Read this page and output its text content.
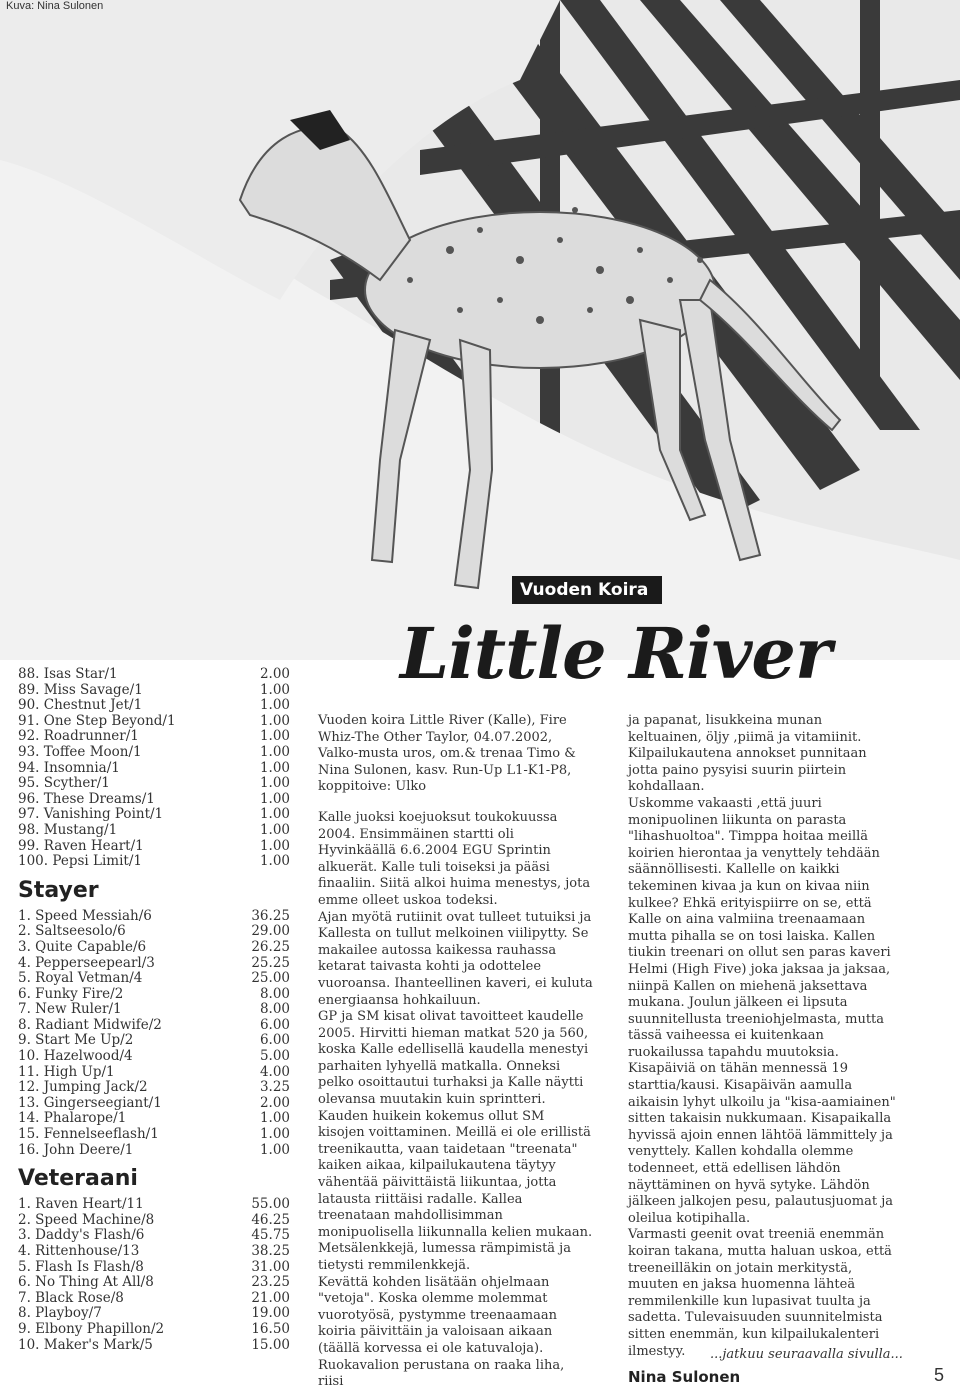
Kuva: Nina Sulonen
Vuoden Koira
Little River
88. Isas Star/1	2.00
89. Miss Savage/1	1.00
90. Chestnut Jet/1	1.00
91. One Step Beyond/1	1.00
92. Roadrunner/1	1.00
93. Toffee Moon/1	1.00
94. Insomnia/1	1.00
95. Scyther/1	1.00
96. These Dreams/1	1.00
97. Vanishing Point/1	1.00
98. Mustang/1	1.00
99. Raven Heart/1	1.00
100. Pepsi Limit/1	1.00
Stayer
1. Speed Messiah/6	36.25
2. Saltseesolo/6	29.00
3. Quite Capable/6	26.25
4. Pepperseepearl/3	25.25
5. Royal Vetman/4	25.00
6. Funky Fire/2	8.00
7. New Ruler/1	8.00
8. Radiant Midwife/2	6.00
9. Start Me Up/2	6.00
10. Hazelwood/4	5.00
11. High Up/1	4.00
12. Jumping Jack/2	3.25
13. Gingerseegiant/1	2.00
14. Phalarope/1	1.00
15. Fennelseeflash/1	1.00
16. John Deere/1	1.00
Veteraani
1. Raven Heart/11	55.00
2. Speed Machine/8	46.25
3. Daddy's Flash/6	45.75
4. Rittenhouse/13	38.25
5. Flash Is Flash/8	31.00
6. No Thing At All/8	23.25
7. Black Rose/8	21.00
8. Playboy/7	19.00
9. Elbony Phapillon/2	16.50
10. Maker's Mark/5	15.00

Vuoden koira Little River (Kalle), Fire Whiz-The Other Taylor, 04.07.2002, Valko-musta uros, om.& trenaa Timo & Nina Sulonen, kasv. Run-Up L1-K1-P8, koppitoive: Ulko

Kalle juoksi koejuoksut toukokuussa 2004. Ensimmäinen startti oli Hyvinkäällä 6.6.2004 EGU Sprintin alkuerät. Kalle tuli toiseksi ja pääsi finaaliin. Siitä alkoi huima menestys, jota emme olleet uskoa todeksi.

Ajan myötä rutiinit ovat tulleet tutuiksi ja Kallesta on tullut melkoinen viilipytty. Se makailee autossa kaikessa rauhassa ketarat taivasta kohti ja odottelee vuoroansa. Ihanteellinen kaveri, ei kuluta energiaansa hohkailuun.

GP ja SM kisat olivat tavoitteet kaudelle 2005. Hirvitti hieman matkat 520 ja 560, koska Kalle edellisellä kaudella menestyi parhaiten lyhyellä matkalla. Onneksi pelko osoittautui turhaksi ja Kalle näytti olevansa muutakin kuin sprintteri. Kauden huikein kokemus ollut SM kisojen voittaminen. Meillä ei ole erillistä treenikautta, vaan taidetaan "treenata" kaiken aikaa, kilpailukautena täytyy vähentää päivittäistä liikuntaa, jotta latausta riittäisi radalle. Kallea treenataan mahdollisimman monipuolisella liikunnalla kelien mukaan. Metsälenkkejä, lumessa rämpimistä ja tietysti remmilenkkejä.

Kevättä kohden lisätään ohjelmaan "vetoja". Koska olemme molemmat vuorotyösä, pystymme treenaamaan koiria päivittäin ja valoisaan aikaan (täällä korvessa ei ole katuvaloja).

Ruokavalion perustana on raaka liha, riisi

ja papanat, lisukkeina munan keltuainen, öljy ,piimä ja vitamiinit. Kilpailukautena annokset punnitaan jotta paino pysyisi suurin piirtein kohdallaan.

Uskomme vakaasti ,että juuri monipuolinen liikunta on parasta "lihashuoltoa". Timppa hoitaa meillä koirien hierontaa ja venyttely tehdään säännöllisesti. Kallelle on kaikki tekeminen kivaa ja kun on kivaa niin kulkee? Ehkä erityispiirre on se, että Kalle on aina valmiina treenaamaan mutta pihalla se on tosi laiska. Kallen tiukin treenari on ollut sen paras kaveri Helmi (High Five) joka jaksaa ja jaksaa, niinpä Kallen on miehenä jaksettava mukana. Joulun jälkeen ei lipsuta suunnitellusta treeniohjelmasta, mutta tässä vaiheessa ei kuitenkaan ruokailussa tapahdu muutoksia.

Kisapäiviä on tähän mennessä 19 starttia/kausi. Kisapäivän aamulla aikaisin lyhyt ulkoilu ja "kisa-aamiainen" sitten takaisin nukkumaan. Kisapaikalla hyvissä ajoin ennen lähtöä lämmittely ja venyttely. Kallen kohdalla olemme todenneet, että edellisen lähdön näyttäminen on hyvä sytyke. Lähdön jälkeen jalkojen pesu, palautusjuomat ja oleilua kotipihalla.

Varmasti geenit ovat treeniä enemmän koiran takana, mutta haluan uskoa, että treeneilläkin on jotain merkitystä, muuten en jaksa huomenna lähteä remmilenkille kun lupasivat tuulta ja sadetta. Tulevaisuuden suunnitelmista sitten enemmän, kun kilpailukalenteri ilmestyy.

Nina Sulonen
...jatkuu seuraavalla sivulla...
5
